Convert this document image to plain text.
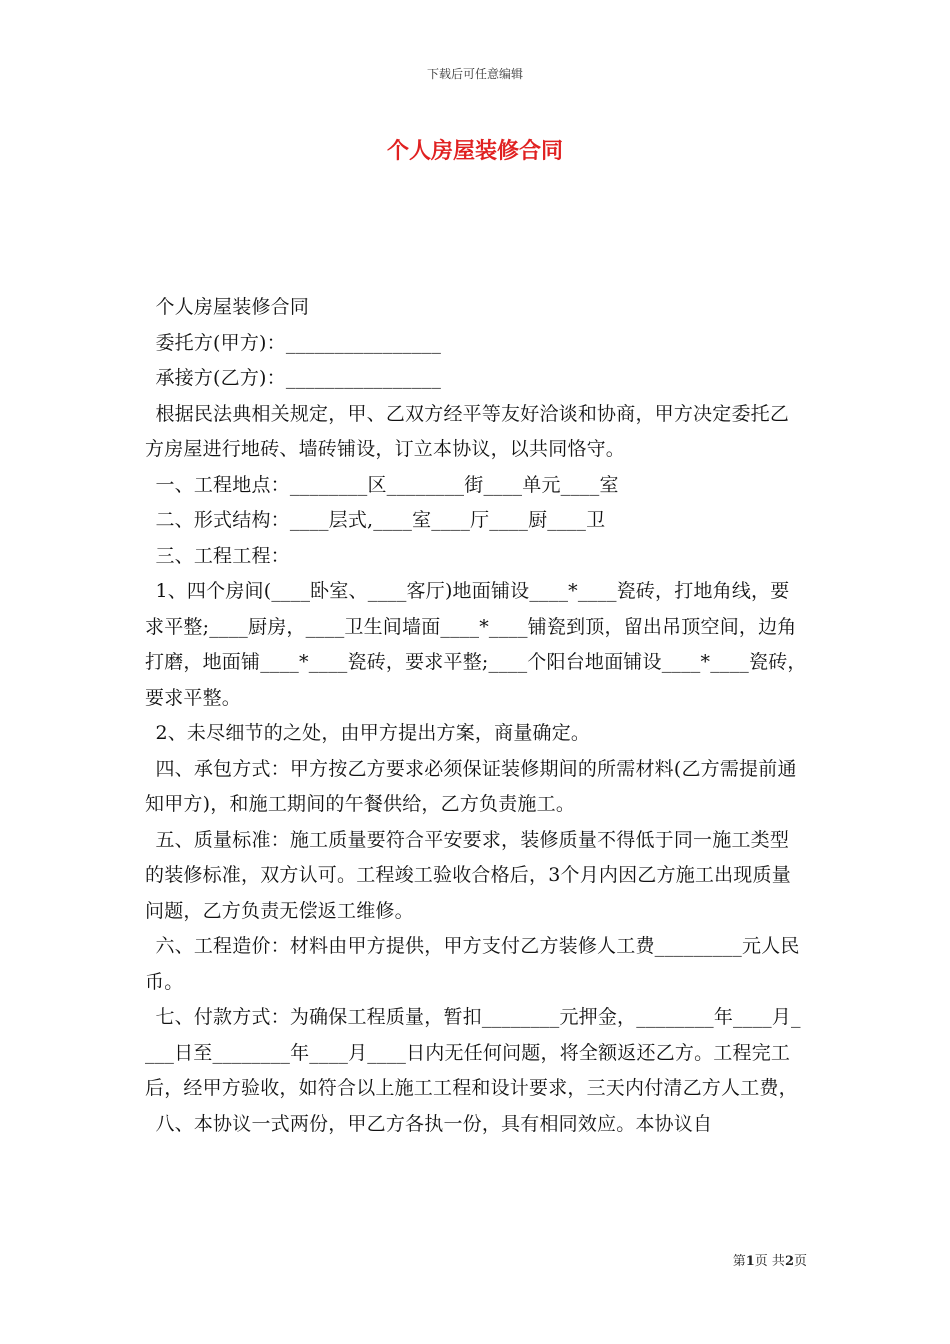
下载后可任意编辑
个人房屋装修合同

个人房屋装修合同

委托方(甲方)：________________

承接方(乙方)：________________

根据民法典相关规定，甲、乙双方经平等友好洽谈和协商，甲方决定委托乙方房屋进行地砖、墙砖铺设，订立本协议，以共同恪守。

一、工程地点：________区________街____单元____室

二、形式结构：____层式,____室____厅____厨____卫

三、工程工程：

1、四个房间(____卧室、____客厅)地面铺设____*____瓷砖，打地角线，要求平整;____厨房，____卫生间墙面____*____铺瓷到顶，留出吊顶空间，边角打磨，地面铺____*____瓷砖，要求平整;____个阳台地面铺设____*____瓷砖，要求平整。

2、未尽细节的之处，由甲方提出方案，商量确定。

四、承包方式：甲方按乙方要求必须保证装修期间的所需材料(乙方需提前通知甲方)，和施工期间的午餐供给，乙方负责施工。

五、质量标准：施工质量要符合平安要求，装修质量不得低于同一施工类型的装修标准，双方认可。工程竣工验收合格后，3个月内因乙方施工出现质量问题，乙方负责无偿返工维修。

六、工程造价：材料由甲方提供，甲方支付乙方装修人工费_________元人民币。

七、付款方式：为确保工程质量，暂扣________元押金，________年____月____日至________年____月____日内无任何问题，将全额返还乙方。工程完工后，经甲方验收，如符合以上施工工程和设计要求，三天内付清乙方人工费，

八、本协议一式两份，甲乙方各执一份，具有相同效应。本协议自

第1页 共2页
